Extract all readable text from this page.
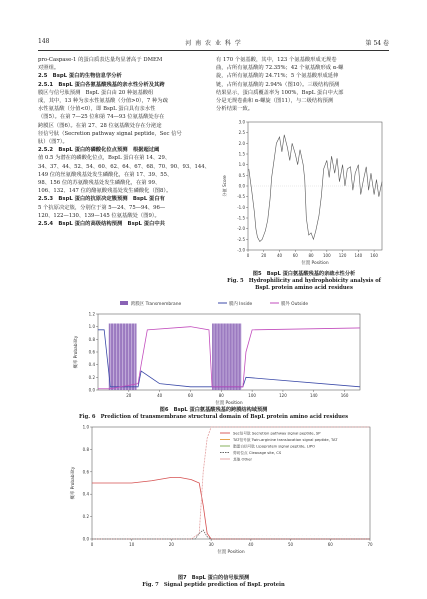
148	河 南 农 业 科 学	第 54 卷

pro-Caspase-1 的蛋白质表达量均显著高于 DMEM

对照组。

2.5　BspL 蛋白的生物信息学分析

2.5.1　BspL 蛋白各氨基酸残基的亲水性分析及其跨

膜区与信号肽预测　BspL 蛋白由 20 种氨基酸组

成，其中，13 种为亲水性氨基酸（分值>0），7 种为疏

水性氨基酸（分值<0），即 BspL 蛋白具有亲水性

（图5）。在第 7—25 位和第 74—93 位氨基酸处存在

跨膜区（图6）。在第 27、28 位氨基酸处存在分泌途

径信号肽（Secretion pathway signal peptide，Sec 信号

肽）（图7）。

2.5.2　BspL 蛋白的磷酸化位点预测　根据超过阈

值 0.5 为潜在的磷酸化位点，BspL 蛋白在第 14、29、

34、37、44、52、54、60、62、64、67、68、70、90、93、144、

149 位的丝氨酸残基处发生磷酸化，在第 17、39、55、

98、156 位的苏氨酸残基处发生磷酸化，在第 99、

106、132、147 位的酪氨酸残基处发生磷酸化（图8）。

2.5.3　BspL 蛋白的抗原决定簇预测　BspL 蛋白有

5 个抗原决定簇，分别位于第 5—24、75—94、96—

120、122—130、139—145 位氨基酸处（图9）。

2.5.4　BspL 蛋白的高级结构预测　BspL 蛋白中共

有 170 个氨基酸，其中，123 个氨基酸形成无规卷

曲，占所有氨基酸的 72.35%；42 个氨基酸形成 α-螺

旋，占所有氨基酸的 24.71%；5 个氨基酸形成延伸

链，占所有氨基酸的 2.94%（图10）。三级结构预测

结果显示，蛋白质覆盖率为 100%，BspL 蛋白中大部

分是无规卷曲和 α-螺旋（图11），与二级结构预测

分析结果一致。

3.0
2.5
2.0
1.5
1.0
0.5
0.0
-0.5
-1.0
-1.5
-2.0
-2.5
-3.0
0	20	40	60	80 100 120 140 160
分值 Score
位置 Position
图5　BspL 蛋白氨基酸残基的亲疏水性分析
Fig. 5　Hydrophilicity and hydrophobicity analysis of
BspL protein amino acid residues
跨膜区 Transmembrane	膜内 Inside	膜外 Outside
0.0
0.2
0.4
0.6
0.8
1.0
1.2
20	40	60	80	100	120	140	160
概率 Probability
位置 Position
图6　BspL 蛋白氨基酸残基的跨膜结构域预测
Fig. 6　Prediction of transmembrane structural domain of BspL protein amino acid residues
Sec信号肽 Secretion pathway signal peptide, SP
TAT信号肽 Twin-arginine translocation signal peptide, TAT
脂蛋白信号肽 Lipoprotein signal peptide, LIPO
剪切位点 Cleavage site, CS
其他 Other
· · · · · · · · · · · · · · · · · · · · · · · · · · · · · · · · · · · · · · · · · · · · · · · · · · · · · · · · · · · · · · · · · · · · ·
0.0
0.2
0.4
0.6
0.8
1.0
0	10	20	30	40	50	60	70
概率 Probability
位置 Position
图7　BspL 蛋白的信号肽预测
Fig. 7　Signal peptide prediction of BspL protein
